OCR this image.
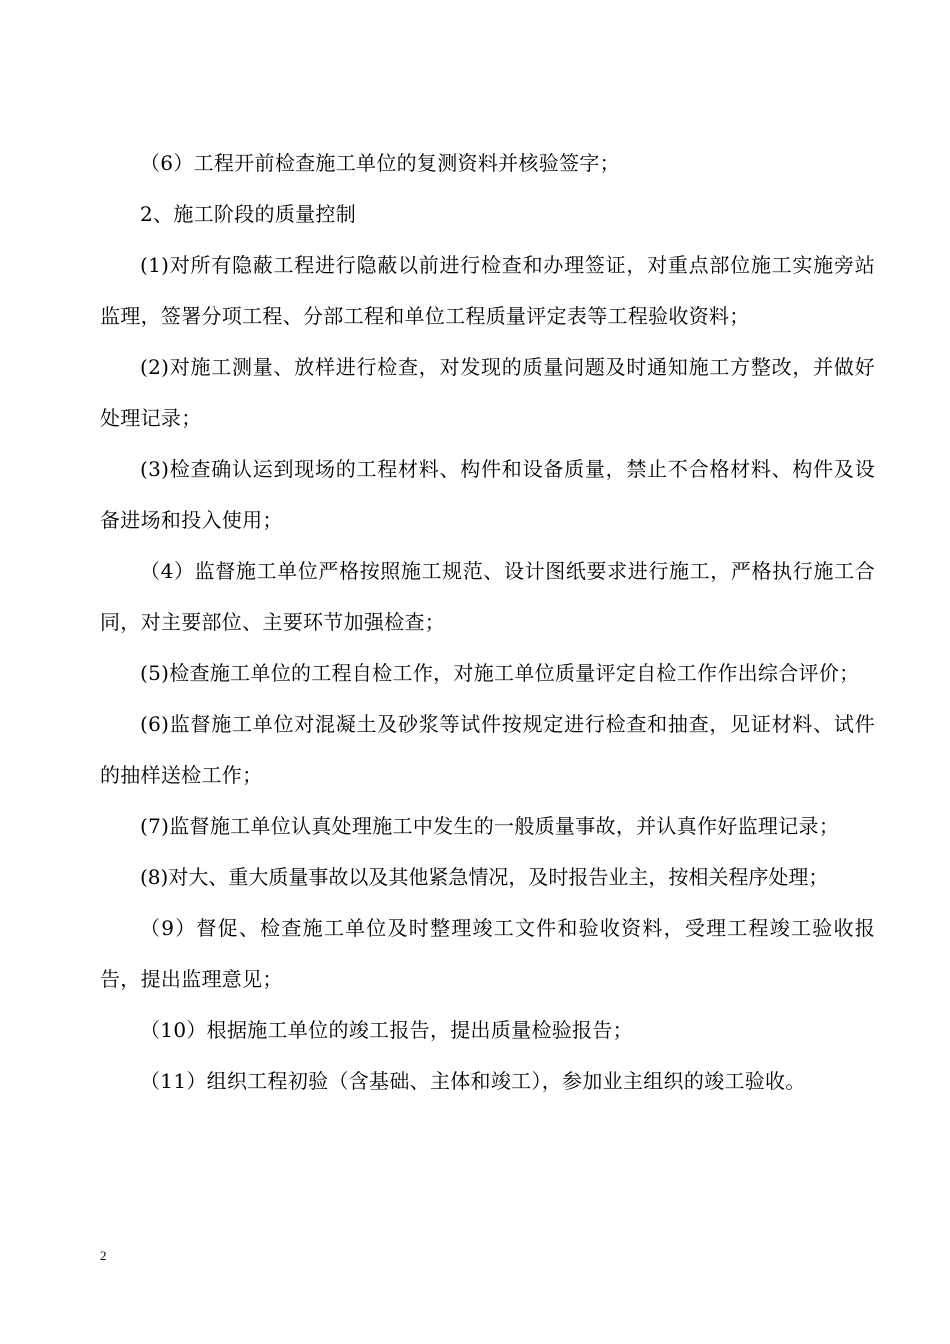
（6）工程开前检查施工单位的复测资料并核验签字；

2、施工阶段的质量控制

(1)对所有隐蔽工程进行隐蔽以前进行检查和办理签证，对重点部位施工实施旁站监理，签署分项工程、分部工程和单位工程质量评定表等工程验收资料；

(2)对施工测量、放样进行检查，对发现的质量问题及时通知施工方整改，并做好处理记录；

(3)检查确认运到现场的工程材料、构件和设备质量，禁止不合格材料、构件及设备进场和投入使用；

（4）监督施工单位严格按照施工规范、设计图纸要求进行施工，严格执行施工合同，对主要部位、主要环节加强检查；

(5)检查施工单位的工程自检工作，对施工单位质量评定自检工作作出综合评价；

(6)监督施工单位对混凝土及砂浆等试件按规定进行检查和抽查，见证材料、试件的抽样送检工作；

(7)监督施工单位认真处理施工中发生的一般质量事故，并认真作好监理记录；

(8)对大、重大质量事故以及其他紧急情况，及时报告业主，按相关程序处理；

（9）督促、检查施工单位及时整理竣工文件和验收资料，受理工程竣工验收报告，提出监理意见；

（10）根据施工单位的竣工报告，提出质量检验报告；

（11）组织工程初验（含基础、主体和竣工），参加业主组织的竣工验收。

2
